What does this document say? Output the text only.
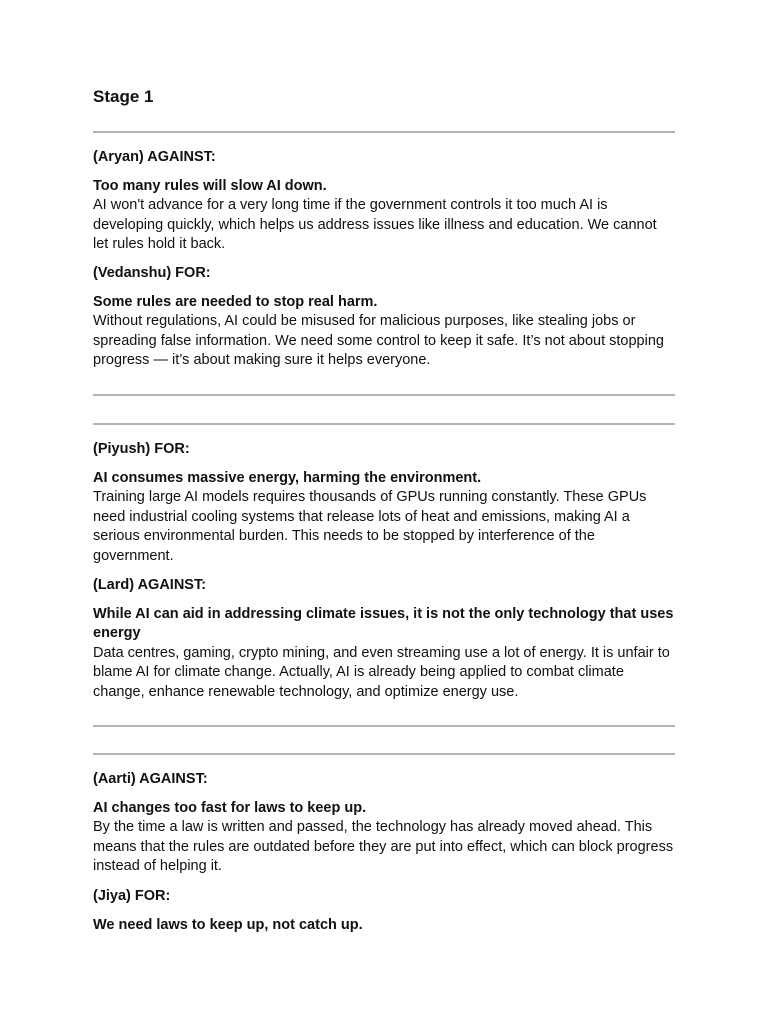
Stage 1

(Aryan) AGAINST:

Too many rules will slow AI down.

AI won't advance for a very long time if the government controls it too much AI is developing quickly, which helps us address issues like illness and education. We cannot let rules hold it back.

(Vedanshu) FOR:

Some rules are needed to stop real harm.

Without regulations, AI could be misused for malicious purposes, like stealing jobs or spreading false information. We need some control to keep it safe. It’s not about stopping progress — it’s about making sure it helps everyone.

(Piyush) FOR:

AI consumes massive energy, harming the environment.

Training large AI models requires thousands of GPUs running constantly. These GPUs need industrial cooling systems that release lots of heat and emissions, making AI a serious environmental burden. This needs to be stopped by interference of the government.

(Lard) AGAINST:

While AI can aid in addressing climate issues, it is not the only technology that uses energy

Data centres, gaming, crypto mining, and even streaming use a lot of energy. It is unfair to blame AI for climate change. Actually, AI is already being applied to combat climate change, enhance renewable technology, and optimize energy use.

(Aarti) AGAINST:

AI changes too fast for laws to keep up.

By the time a law is written and passed, the technology has already moved ahead. This means that the rules are outdated before they are put into effect, which can block progress instead of helping it.

(Jiya) FOR:

We need laws to keep up, not catch up.
